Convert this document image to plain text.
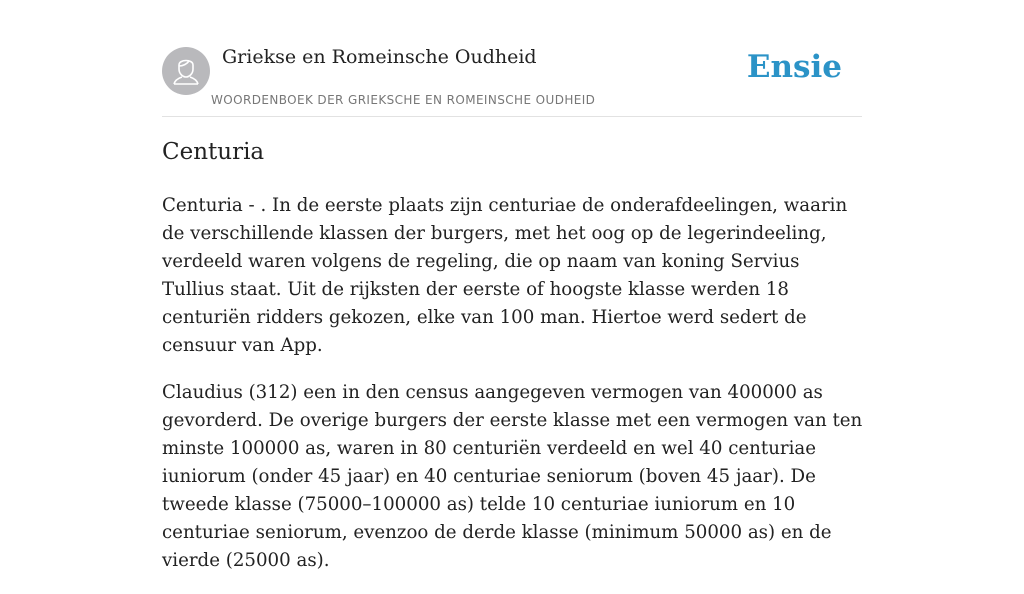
Griekse en Romeinsche Oudheid
WOORDENBOEK DER GRIEKSCHE EN ROMEINSCHE OUDHEID
Ensie
Centuria

Centuria - . In de eerste plaats zijn centuriae de onderafdeelingen, waarin de verschillende klassen der burgers, met het oog op de legerindeeling, verdeeld waren volgens de regeling, die op naam van koning Servius Tullius staat. Uit de rijksten der eerste of hoogste klasse werden 18 centuriën ridders gekozen, elke van 100 man. Hiertoe werd sedert de censuur van App.

Claudius (312) een in den census aangegeven vermogen van 400000 as gevorderd. De overige burgers der eerste klasse met een vermogen van ten minste 100000 as, waren in 80 centuriën verdeeld en wel 40 centuriae iuniorum (onder 45 jaar) en 40 centuriae seniorum (boven 45 jaar). De tweede klasse (75000–100000 as) telde 10 centuriae iuniorum en 10 centuriae seniorum, evenzoo de derde klasse (minimum 50000 as) en de vierde (25000 as).
